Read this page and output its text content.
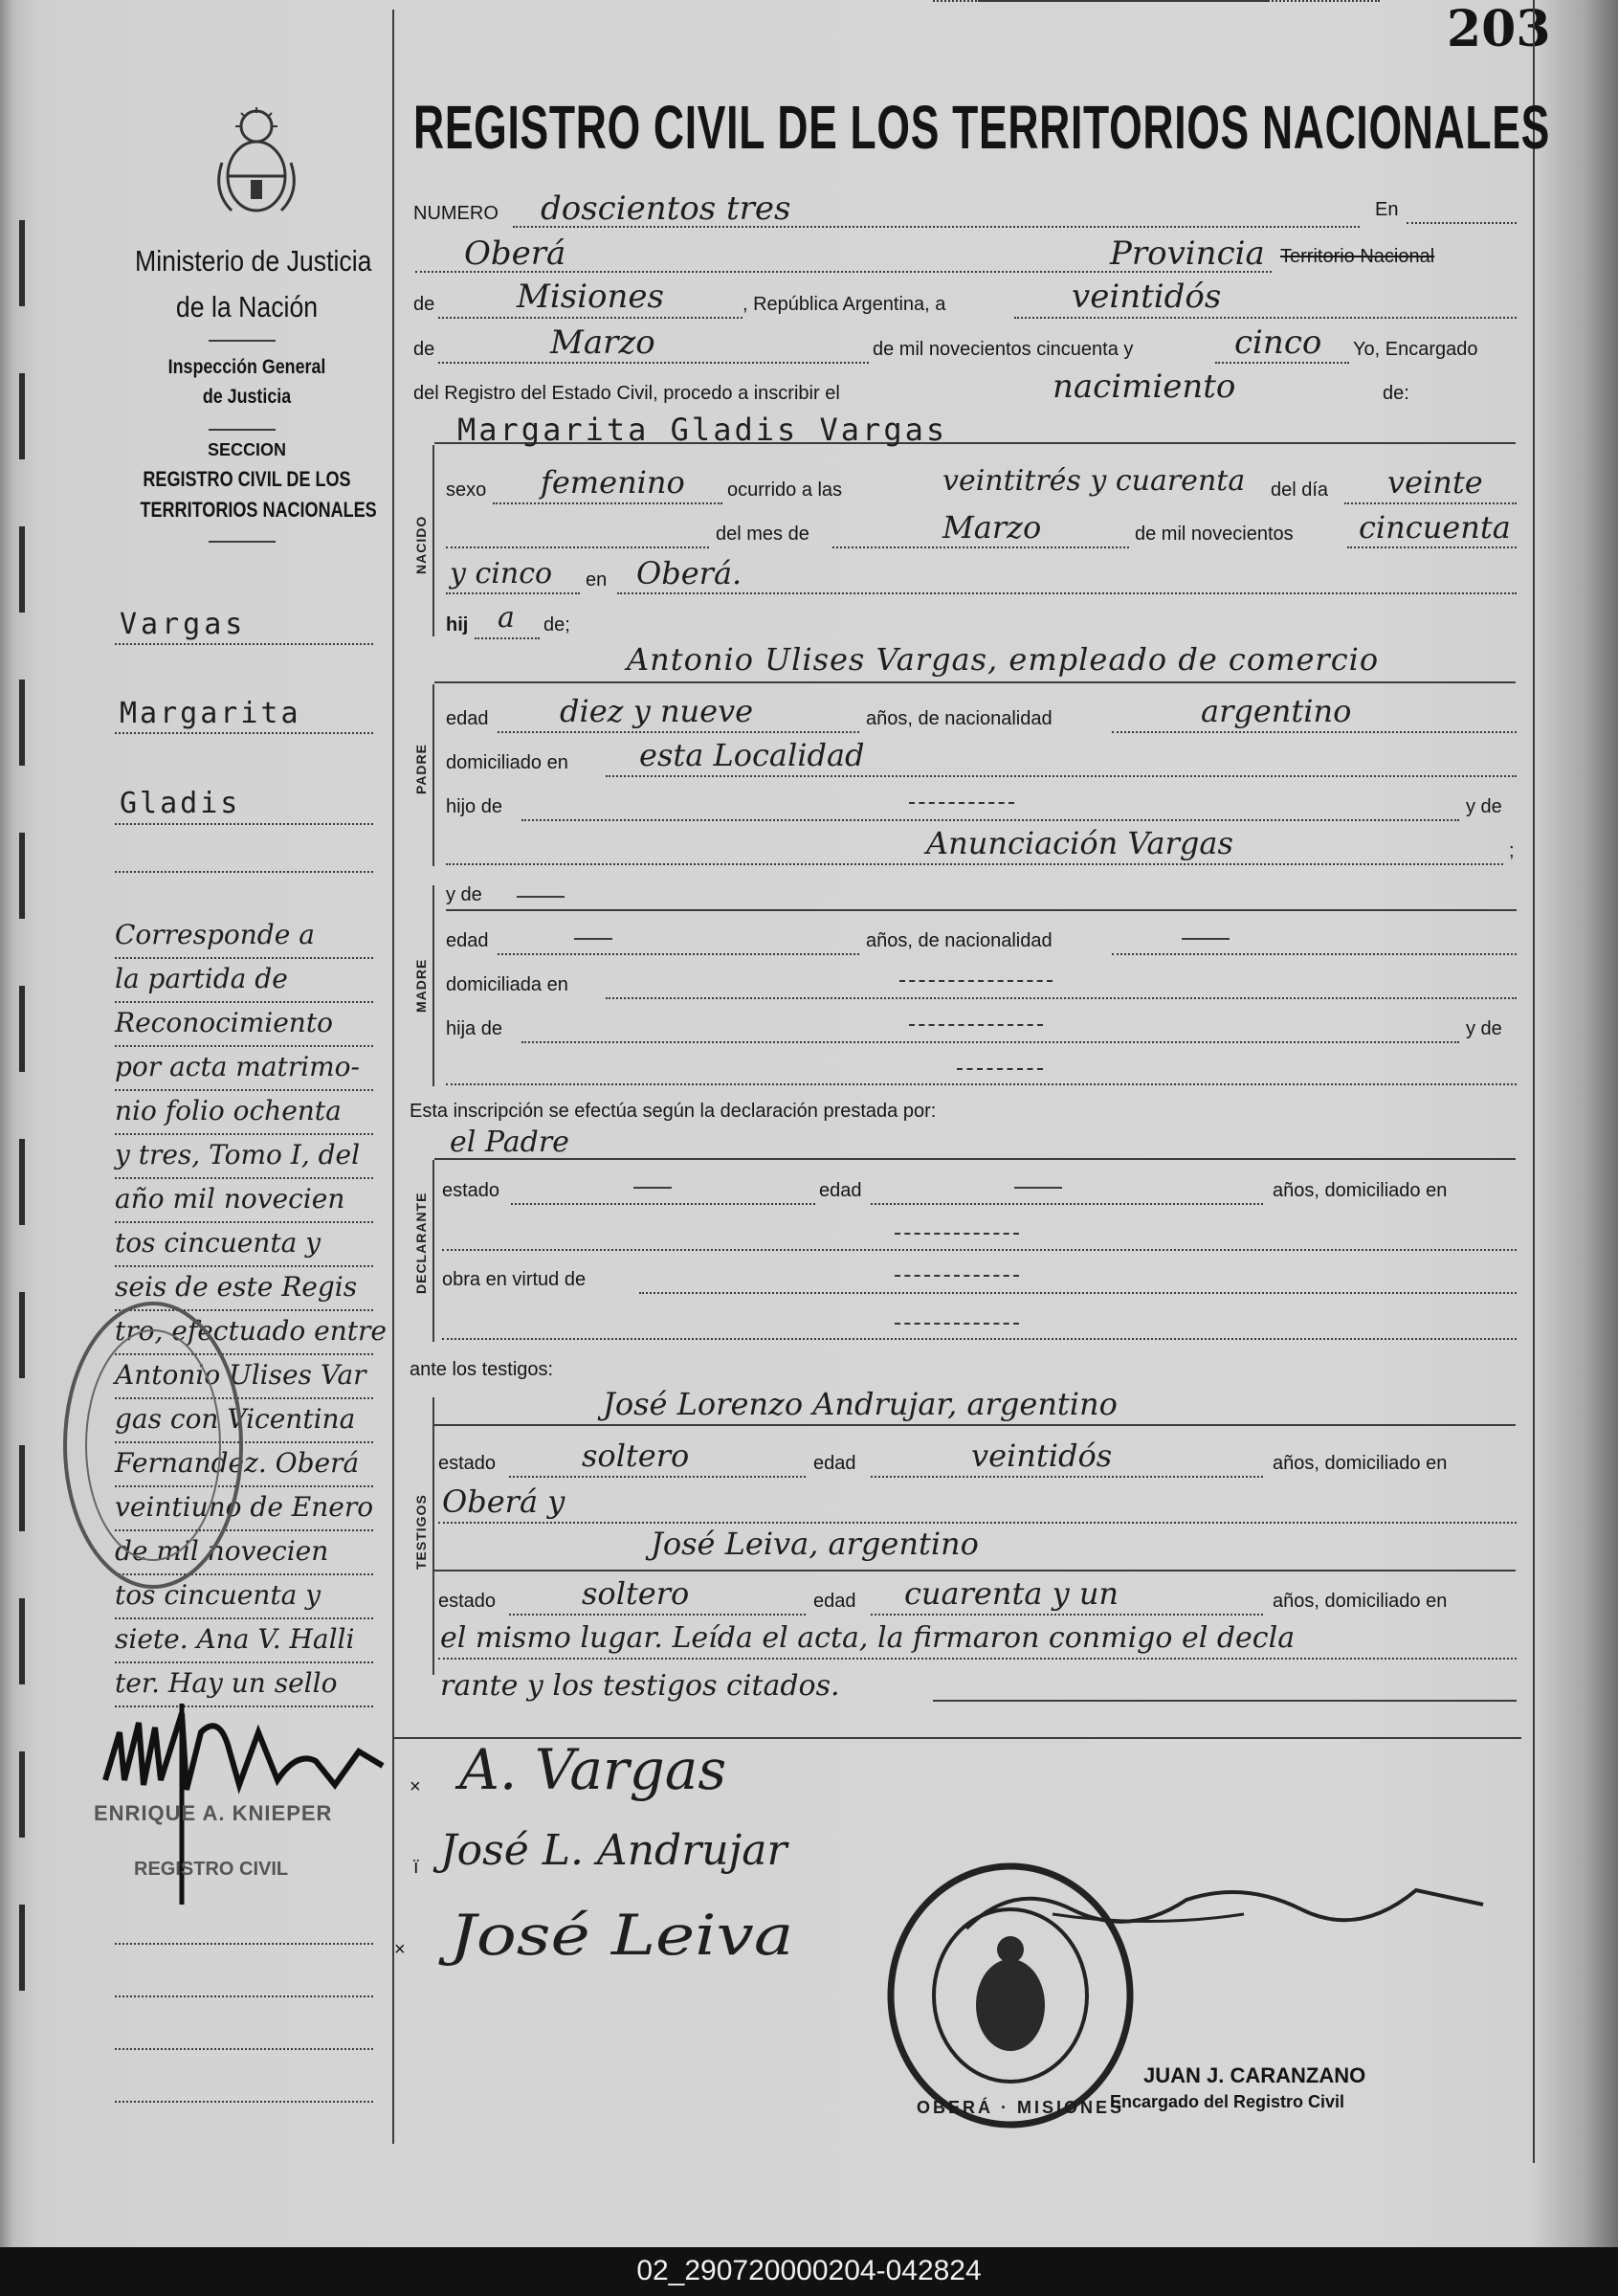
203
Ministerio de Justicia
de la Nación
Inspección General
de Justicia
SECCION
REGISTRO CIVIL DE LOS
TERRITORIOS NACIONALES
Vargas
Margarita
Gladis
Corresponde a
la partida de
Reconocimiento
por acta matrimo-
nio folio ochenta
y tres, Tomo I, del
año mil novecien
tos cincuenta y
seis de este Regis
tro, efectuado entre
Antonio Ulises Var
gas con Vicentina
Fernandez. Oberá
veintiuno de Enero
de mil novecien
tos cincuenta y
siete. Ana V. Halli
ter. Hay un sello
ENRIQUE A. KNIEPER
REGISTRO CIVIL
REGISTRO CIVIL DE LOS TERRITORIOS NACIONALES
NUMERO doscientos tres	En
Oberá	Provincia Territorio Nacional
de	Misiones	, República Argentina, a	veintidós
de	Marzo	de mil novecientos cincuenta y	cinco Yo, Encargado
del Registro del Estado Civil, procedo a inscribir el	nacimiento	de:
Margarita Gladis Vargas
NACIDO
sexo femenino ocurrido a las	veintitrés y cuarenta del día veinte
del mes de	Marzo	de mil novecientos cincuenta
y cinco en Oberá.
hij a de;
Antonio Ulises Vargas, empleado de comercio
PADRE
edad diez y nueve	años, de nacionalidad	argentino
domiciliado en esta Localidad
hijo de	y de
Anunciación Vargas	;
MADRE
y de
edad	años, de nacionalidad
domiciliada en
hija de	y de
Esta inscripción se efectúa según la declaración prestada por:
el Padre
DECLARANTE
estado	edad	años, domiciliado en
obra en virtud de
ante los testigos:
TESTIGOS
José Lorenzo Andrujar, argentino
estado	soltero	edad	veintidós	años, domiciliado en
Oberá y
José Leiva, argentino
estado	soltero	edad cuarenta y un	años, domiciliado en
el mismo lugar. Leída el acta, la firmaron conmigo el decla
rante y los testigos citados.
× A. Vargas
ï José L. Andrujar
× José Leiva
OBERÁ · MISIONES
JUAN J. CARANZANO
Encargado del Registro Civil
02_290720000204-042824
